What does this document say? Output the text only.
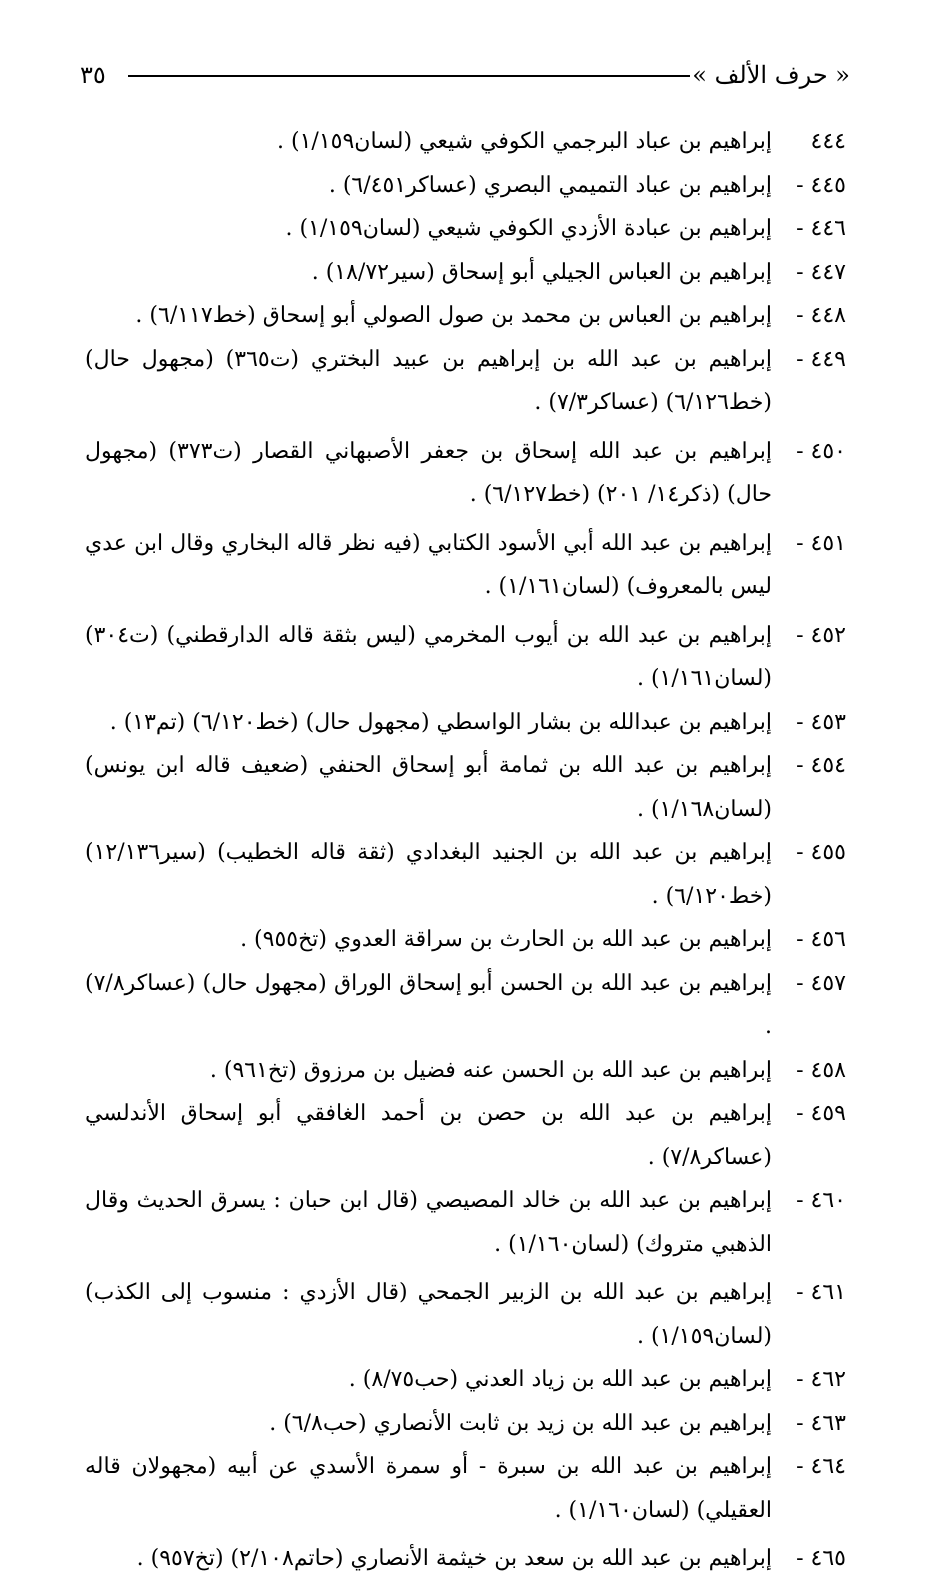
« حرف الألف »
٣٥

٤٤٤
إبراهيم بن عباد البرجمي الكوفي شيعي (لسان١/١٥٩) .

٤٤٥ -
إبراهيم بن عباد التميمي البصري (عساكر٦/٤٥١) .

٤٤٦ -
إبراهيم بن عبادة الأزدي الكوفي شيعي (لسان١/١٥٩) .

٤٤٧ -
إبراهيم بن العباس الجيلي أبو إسحاق (سير١٨/٧٢) .

٤٤٨ -
إبراهيم بن العباس بن محمد بن صول الصولي أبو إسحاق (خط٦/١١٧) .

٤٤٩ -
إبراهيم بن عبد الله بن إبراهيم بن عبيد البختري (ت٣٦٥) (مجهول حال) (خط٦/١٢٦) (عساكر٧/٣) .

٤٥٠ -
إبراهيم بن عبد الله إسحاق بن جعفر الأصبهاني القصار (ت٣٧٣) (مجهول حال) (ذكر١٤/ ٢٠١) (خط٦/١٢٧) .

٤٥١ -
إبراهيم بن عبد الله أبي الأسود الكتابي (فيه نظر قاله البخاري وقال ابن عدي ليس بالمعروف) (لسان١/١٦١) .

٤٥٢ -
إبراهيم بن عبد الله بن أيوب المخرمي (ليس بثقة قاله الدارقطني) (ت٣٠٤) (لسان١/١٦١) .

٤٥٣ -
إبراهيم بن عبدالله بن بشار الواسطي (مجهول حال) (خط٦/١٢٠) (تم١٣) .

٤٥٤ -
إبراهيم بن عبد الله بن ثمامة أبو إسحاق الحنفي (ضعيف قاله ابن يونس) (لسان١/١٦٨) .

٤٥٥ -
إبراهيم بن عبد الله بن الجنيد البغدادي (ثقة قاله الخطيب) (سير١٢/١٣٦) (خط٦/١٢٠) .

٤٥٦ -
إبراهيم بن عبد الله بن الحارث بن سراقة العدوي (تخ٩٥٥) .

٤٥٧ -
إبراهيم بن عبد الله بن الحسن أبو إسحاق الوراق (مجهول حال) (عساكر٧/٨) .

٤٥٨ -
إبراهيم بن عبد الله بن الحسن عنه فضيل بن مرزوق (تخ٩٦١) .

٤٥٩ -
إبراهيم بن عبد الله بن حصن بن أحمد الغافقي أبو إسحاق الأندلسي (عساكر٧/٨) .

٤٦٠ -
إبراهيم بن عبد الله بن خالد المصيصي (قال ابن حبان : يسرق الحديث وقال الذهبي متروك) (لسان١/١٦٠) .

٤٦١ -
إبراهيم بن عبد الله بن الزبير الجمحي (قال الأزدي : منسوب إلى الكذب) (لسان١/١٥٩) .

٤٦٢ -
إبراهيم بن عبد الله بن زياد العدني (حب٨/٧٥) .

٤٦٣ -
إبراهيم بن عبد الله بن زيد بن ثابت الأنصاري (حب٦/٨) .

٤٦٤ -
إبراهيم بن عبد الله بن سبرة - أو سمرة الأسدي عن أبيه (مجهولان قاله العقيلي) (لسان١/١٦٠) .

٤٦٥ -
إبراهيم بن عبد الله بن سعد بن خيثمة الأنصاري (حاتم٢/١٠٨) (تخ٩٥٧) .
